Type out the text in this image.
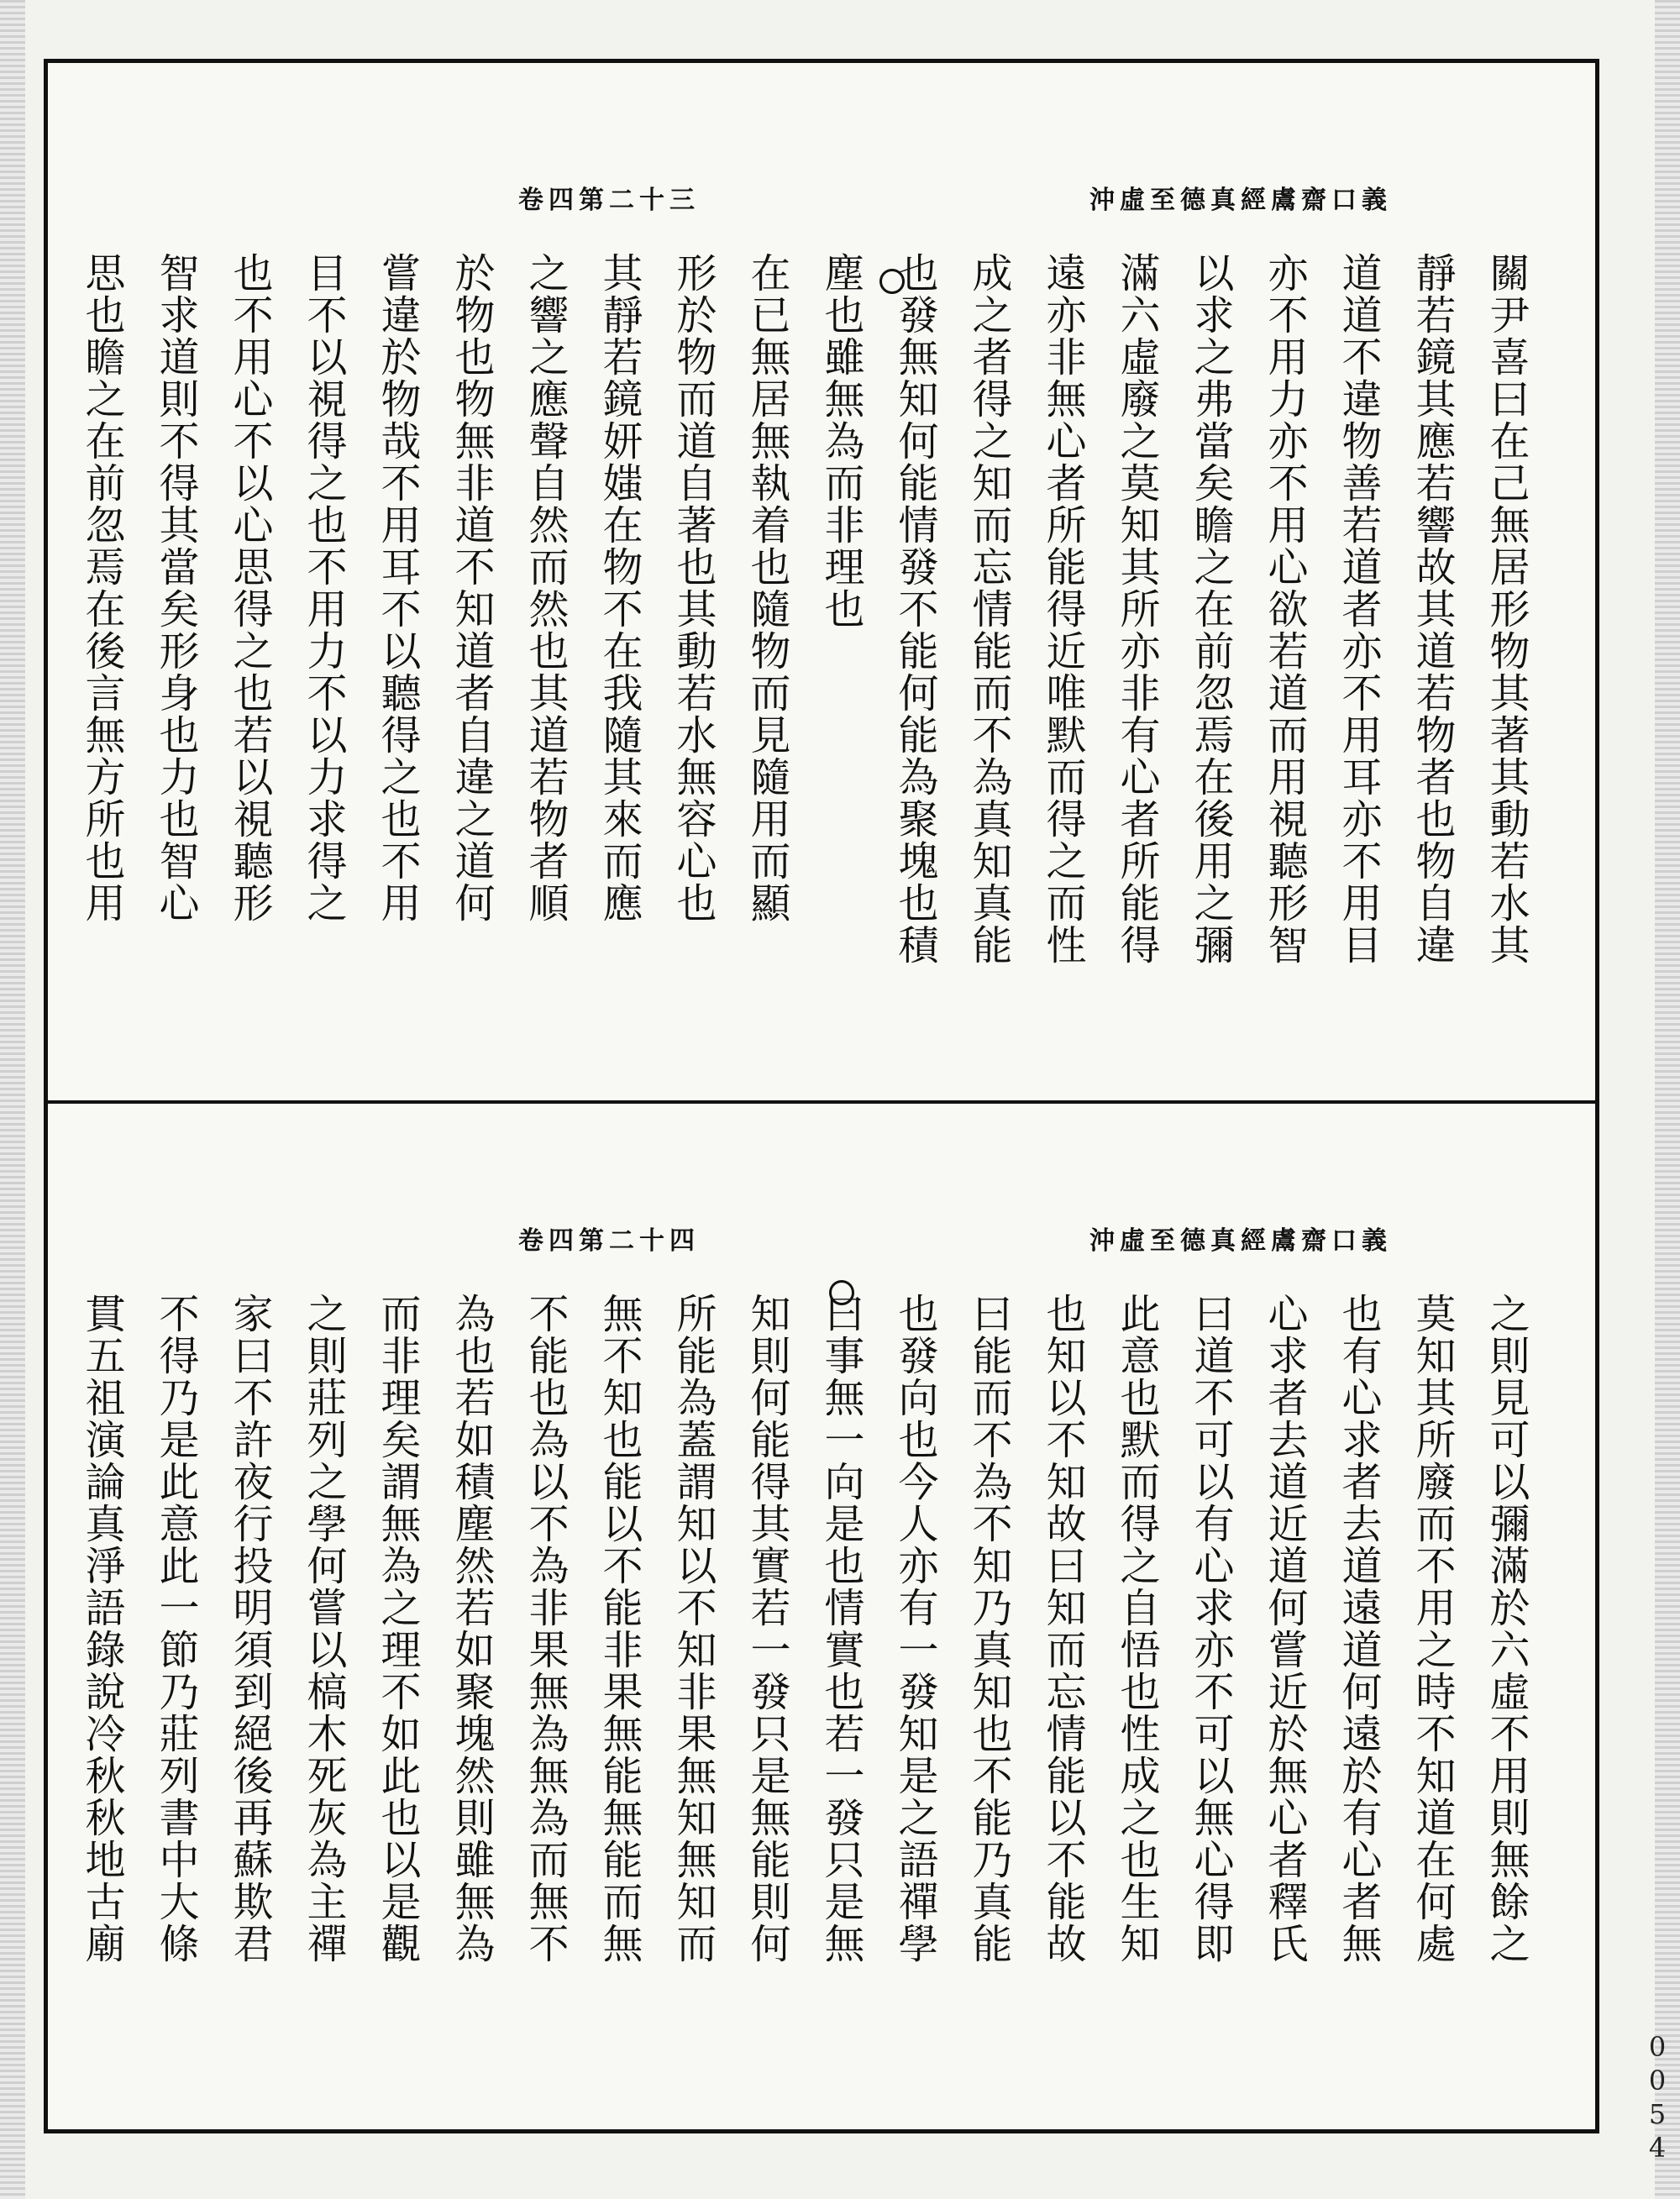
卷四第二十三	沖虛至德真經鬳齋口義

關尹喜曰在己無居形物其著其動若水其

靜若鏡其應若響故其道若物者也物自違

道道不違物善若道者亦不用耳亦不用目

亦不用力亦不用心欲若道而用視聽形智

以求之弗當矣瞻之在前忽焉在後用之彌

滿六虛廢之莫知其所亦非有心者所能得

遠亦非無心者所能得近唯默而得之而性

成之者得之知而忘情能而不為真知真能

也發無知何能情發不能何能為聚塊也積

塵也雖無為而非理也

在已無居無執着也隨物而見隨用而顯

形於物而道自著也其動若水無容心也

其靜若鏡妍媸在物不在我隨其來而應

之響之應聲自然而然也其道若物者順

於物也物無非道不知道者自違之道何

嘗違於物哉不用耳不以聽得之也不用

目不以視得之也不用力不以力求得之

也不用心不以心思得之也若以視聽形

智求道則不得其當矣形身也力也智心

思也瞻之在前忽焉在後言無方所也用

卷四第二十四	沖虛至德真經鬳齋口義

之則見可以彌滿於六虛不用則無餘之

莫知其所廢而不用之時不知道在何處

也有心求者去道遠道何遠於有心者無

心求者去道近道何嘗近於無心者釋氏

曰道不可以有心求亦不可以無心得即

此意也默而得之自悟也性成之也生知

也知以不知故曰知而忘情能以不能故

曰能而不為不知乃真知也不能乃真能

也發向也今人亦有一發知是之語禪學

曰事無一向是也情實也若一發只是無

知則何能得其實若一發只是無能則何

所能為蓋謂知以不知非果無知無知而

無不知也能以不能非果無能無能而無

不能也為以不為非果無為無為而無不

為也若如積塵然若如聚塊然則雖無為

而非理矣謂無為之理不如此也以是觀

之則莊列之學何嘗以槁木死灰為主禪

家曰不許夜行投明須到絕後再蘇欺君

不得乃是此意此一節乃莊列書中大條

貫五祖演論真淨語錄說冷秋秋地古廟

0054
